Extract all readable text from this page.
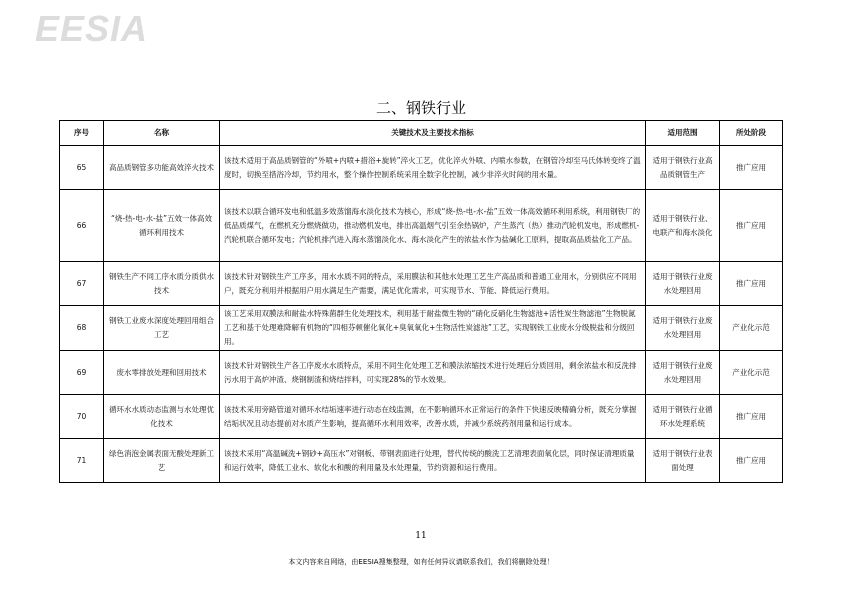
EESIA
二、钢铁行业
序号	名称	关键技术及主要技术指标	适用范围	所处阶段
65	高品质钢管多功能高效淬火技术	该技术适用于高品质钢管的“外喷+内喷+措浴+旋转”淬火工艺，优化淬火外喷、内喷水参数，在钢管冷却至马氏体转变终了温度时，切换至措浴冷却，节约用水，整个操作控制系统采用全数字化控制，减少非淬火时间的用水量。	适用于钢铁行业高品质钢管生产	推广应用
66	“烧-热-电-水-盐”五效一体高效循环利用技术	该技术以联合循环发电和低温多效蒸馏海水淡化技术为核心，形成“烧-热-电-水-盐”五效一体高效循环利用系统，利用钢铁厂的低品质煤气，在燃机充分燃烧做功，推动燃机发电，排出高温烟气引至余热锅炉，产生蒸汽（热）推动汽轮机发电，形成燃机-汽轮机联合循环发电；汽轮机排汽进入海水蒸馏淡化水、海水淡化产生的浓盐水作为盐碱化工原料，提取高品质盐化工产品。	适用于钢铁行业、电联产和海水淡化	推广应用
67	钢铁生产不同工序水质分质供水技术	该技术针对钢铁生产工序多，用水水质不同的特点，采用膜法和其他水处理工艺生产高品质和普通工业用水，分别供应不同用户，既充分利用并根据用户用水满足生产需要，满足优化需求，可实现节水、节能、降低运行费用。	适用于钢铁行业废水处理回用	推广应用
68	钢铁工业废水深度处理回用组合工艺	该工艺采用双膜法和耐盐水特殊菌群生化处理技术，利用基于耐盐微生物的“硝化反硝化生物滤池+活性炭生物滤池”生物脱氮工艺和基于处理难降解有机物的“四相芬顿催化氧化+臭氧氧化+生物活性炭滤池”工艺，实现钢铁工业废水分级脱盐和分级回用。	适用于钢铁行业废水处理回用	产业化示范
69	废水零排放处理和回用技术	该技术针对钢铁生产各工序废水水质特点，采用不同生化处理工艺和膜法浓缩技术进行处理后分质回用，剩余浓盐水和反洗排污水用于高炉冲渣、烧钢制渣和烧结拌料，可实现28%的节水效果。	适用于钢铁行业废水处理回用	产业化示范
70	循环水水质动态监测与水处理优化技术	该技术采用旁路管道对循环水结垢速率进行动态在线监测，在不影响循环水正常运行的条件下快速反映精确分析，既充分掌握结垢状况且动态提前对水质产生影响，提高循环水利用效率，改善水质，并减少系统药剂用量和运行成本。	适用于钢铁行业循环水处理系统	推广应用
71	绿色消泡金属表面无酸处理新工艺	该技术采用“高温碱洗+钢砂+高压水”对钢板、带钢表面进行处理，替代传统的酸洗工艺清理表面氧化层，同时保证清理质量和运行效率，降低工业水、软化水和酸的利用量及水处理量，节约资源和运行费用。	适用于钢铁行业表面处理	推广应用
11
本文内容来自网络，由EESIA搜集整理，如有任何异议请联系我们，我们将删除处理！
